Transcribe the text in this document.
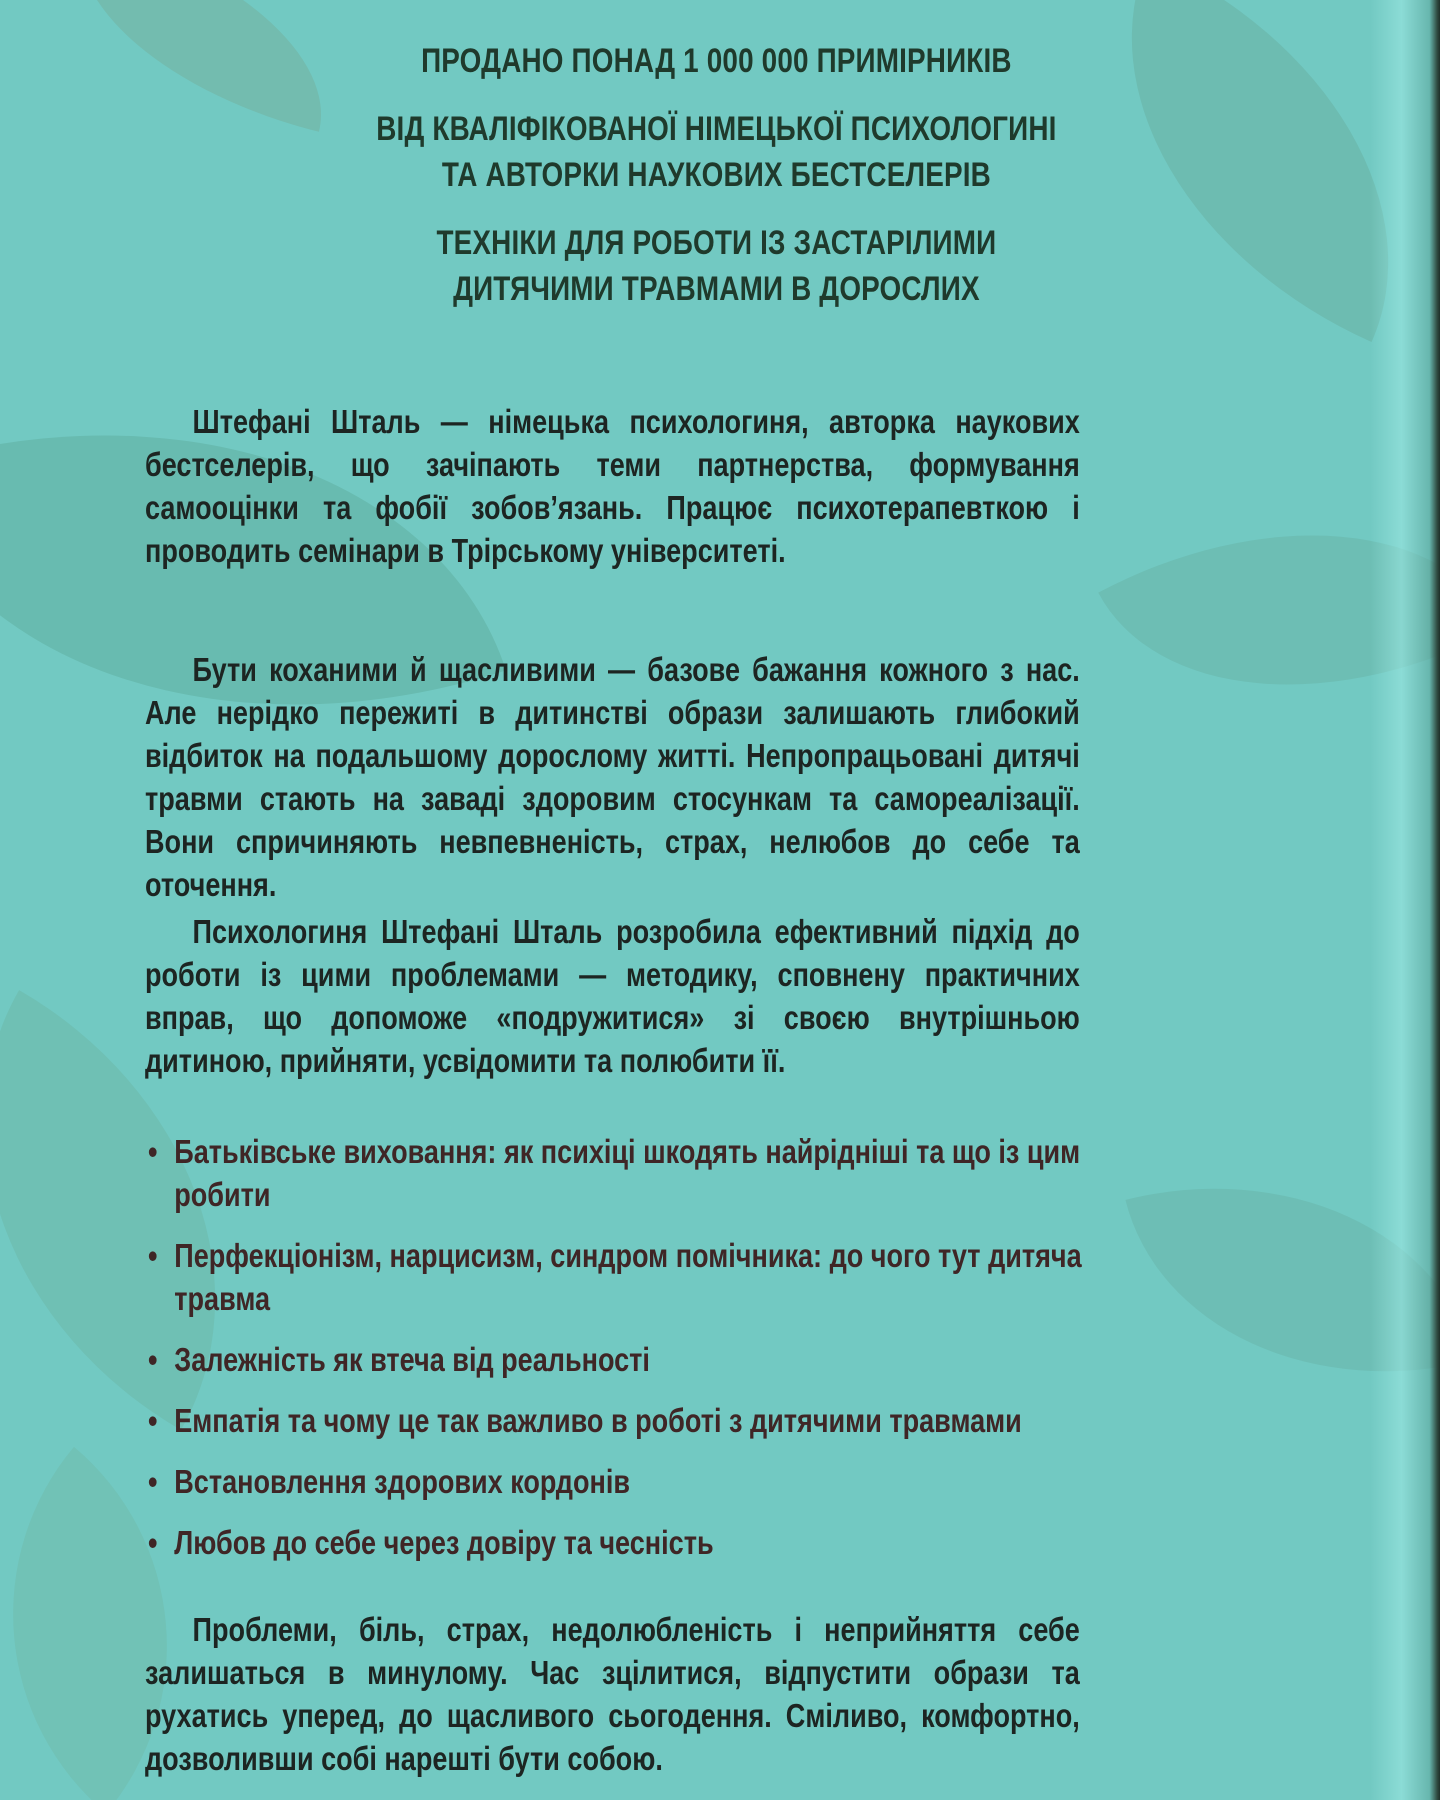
ПРОДАНО ПОНАД 1 000 000 ПРИМІРНИКІВ
ВІД КВАЛІФІКОВАНОЇ НІМЕЦЬКОЇ ПСИХОЛОГИНІ
ТА АВТОРКИ НАУКОВИХ БЕСТСЕЛЕРІВ
ТЕХНІКИ ДЛЯ РОБОТИ ІЗ ЗАСТАРІЛИМИ
ДИТЯЧИМИ ТРАВМАМИ В ДОРОСЛИХ
Штефані Шталь — німецька психологиня, авторка наукових бестселерів, що зачіпають теми партнерства, формування самооцінки та фобії зобов’язань. Працює психотерапевткою і проводить семінари в Трірському університеті.
Бути коханими й щасливими — базове бажання кожного з нас. Але нерідко пережиті в дитинстві образи залишають глибокий відбиток на подальшому дорослому житті. Непропрацьовані дитячі травми стають на заваді здоровим стосункам та самореалізації. Вони спричиняють невпевненість, страх, нелюбов до себе та оточення.
Психологиня Штефані Шталь розробила ефективний підхід до роботи із цими проблемами — методику, сповнену практичних вправ, що допоможе «подружитися» зі своєю внутрішньою дитиною, прийняти, усвідомити та полюбити її.
• Батьківське виховання: як психіці шкодять найрідніші та що із цим робити
• Перфекціонізм, нарцисизм, синдром помічника: до чого тут дитяча травма
• Залежність як втеча від реальності
• Емпатія та чому це так важливо в роботі з дитячими травмами
• Встановлення здорових кордонів
• Любов до себе через довіру та чесність
Проблеми, біль, страх, недолюбленість і неприйняття себе залишаться в минулому. Час зцілитися, відпустити образи та рухатись уперед, до щасливого сьогодення. Сміливо, комфортно, дозволивши собі нарешті бути собою.
